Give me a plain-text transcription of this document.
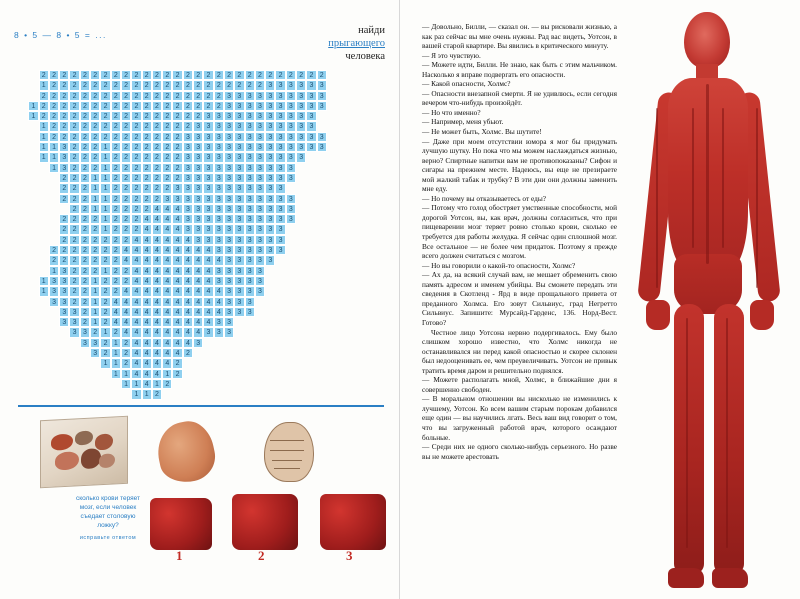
8 • 5 — 8 • 5 = ...	найди
прыгающего
человека
2 2 2 2 2 2 2 2 2 2 2 2 2 2 2 2 2 2 2 2 2 2 2 2 2 2 2 2
1 2 2 2 2 2 2 2 2 2 2 2 2 2 2 2 2 2 2 2 2 2 3 3 3 3 3 3
2 2 2 2 2 2 2 2 2 2 2 2 2 2 2 2 2 2 3 3 3 3 3 3 3 3 3 3
1 2 2 2 2 2 2 2 2 2 2 2 2 2 2 2 2 2 2 3 3 3 3 3 3 3 3 3 3
1 2 2 2 2 2 2 2 2 2 2 2 2 2 2 2 2 3 3 3 3 3 3 3 3 3 3 3
1 2 2 2 2 2 2 2 2 2 2 2 2 2 2 3 3 3 3 3 3 3 3 3 3 3 3
1 2 2 2 2 2 2 2 2 2 2 2 2 2 3 3 3 3 3 3 3 3 3 3 3 3 3 3
1 1 3 2 2 2 1 2 2 2 2 2 2 2 3 3 3 3 3 3 3 3 3 3 3 3 3 3
1 1 3 2 2 2 1 2 2 2 2 2 2 2 3 3 3 3 3 3 3 3 3 3 3 3
1 3 2 2 2 1 2 2 2 2 2 2 2 3 3 3 3 3 3 3 3 3 3 3
2 2 2 1 1 2 2 2 2 2 2 2 3 3 3 3 3 3 3 3 3 3 3
2 2 2 1 1 2 2 2 2 2 2 3 3 3 3 3 3 3 3 3 3 3
2 2 2 1 1 2 2 2 2 2 3 3 3 3 3 3 3 3 3 3 3 3 3
2 2 1 1 2 2 2 2 4 4 4 3 3 3 3 3 3 3 3 3 3 3
2 2 2 2 1 2 2 2 4 4 4 4 3 3 3 3 3 3 3 3 3 3 3
2 2 2 2 1 2 2 2 4 4 4 4 3 3 3 3 3 3 3 3 3 3
2 2 2 2 2 2 2 4 4 4 4 4 4 3 3 3 3 3 3 3 3 3
2 2 2 2 2 2 2 4 4 4 4 4 4 4 4 4 3 3 3 3 3 3 3
2 2 2 2 2 2 2 4 4 4 4 4 4 4 4 4 4 3 3 3 3 3
1 3 2 2 2 1 2 2 4 4 4 4 4 4 4 4 3 3 3 3 3
1 3 3 2 2 1 2 2 2 4 4 4 4 4 4 4 4 3 3 3 3 3
1 3 3 2 2 1 2 2 4 4 4 4 4 4 4 4 4 4 3 3 3 3
3 3 2 2 1 2 4 4 4 4 4 4 4 4 4 4 4 3 3 3
3 3 2 1 2 4 4 4 4 4 4 4 4 4 4 4 3 3 3
3 3 2 1 2 4 4 4 4 4 4 4 4 4 4 3 3
3 3 2 1 2 4 4 4 4 4 4 4 4 3 3 3
3 3 2 1 2 4 4 4 4 4 4 3
3 2 1 2 4 4 4 4 4 2
1 1 2 4 4 4 4 2
1 1 4 4 4 1 2
1 1 4 1 2
1 1 2
сколько крови теряет мозг, если человек съедает столовую ложку?
исправьте ответом
1	2	3

— Довольно, Билли, — сказал он. — вы рисковали жизнью, а как раз сейчас вы мне очень нужны. Рад вас видеть, Уотсон, в вашей старой квартире. Вы явились в критического минуту.

— Я это чувствую.

— Можете идти, Билли. Не знаю, как быть с этим мальчиком. Насколько я вправе подвергать его опасности.

— Какой опасности, Холмс?

— Опасности внезапной смерти. Я не удивлюсь, если сегодня вечером что-нибудь произойдёт.

— Но что именно?

— Например, меня убьют.

— Не может быть, Холмс. Вы шутите!

— Даже при моем отсутствии юмора я мог бы придумать лучшую шутку. Но пока что мы можем наслаждаться жизнью, верно? Спиртные напитки вам не противопоказаны? Сифон и сигары на прежнем месте. Надеюсь, вы еще не презираете мой жалкий табак и трубку? В эти дни они должны заменить мне еду.

— Но почему вы отказываетесь от еды?

— Потому что голод обостряет умственные способности, мой дорогой Уотсон, вы, как врач, должны согласиться, что при пищеварении мозг теряет ровно столько крови, сколько ее требуется для работы желудка. Я сейчас один сплошной мозг. Все остальное — не более чем придаток. Поэтому я прежде всего должен считаться с мозгом.

— Но вы говорили о какой-то опасности, Холмс?

— Ах да, на всякий случай вам, не мешает обременить свою память адресом и именем убийцы. Вы сможете передать эти сведения в Скотленд - Ярд в виде прощального привета от преданного Холмса. Его зовут Сильвиус, град Негретто Сильвиус. Запишите: Мурсайд-Гарденс, 136. Норд-Вест. Готово?

Честное лицо Уотсона нервно подергивалось. Ему было слишком хорошо известно, что Холмс никогда не останавливался ни перед какой опасностью и скорее склонен был недооценивать ее, чем преувеличивать. Уотсон не привык тратить время даром и решительно поднялся.

— Можете располагать мной, Холмс, в ближайшие дни я совершенно свободен.

— В моральном отношении вы нисколько не изменились к лучшему, Уотсон. Ко всем вашим старым порокам добавился еще один — вы научились лгать. Весь ваш вид говорит о том, что вы загруженный работой врач, которого осаждают больные.

— Среди них не одного сколько-нибудь серьезного. Но разве вы не можете арестовать
